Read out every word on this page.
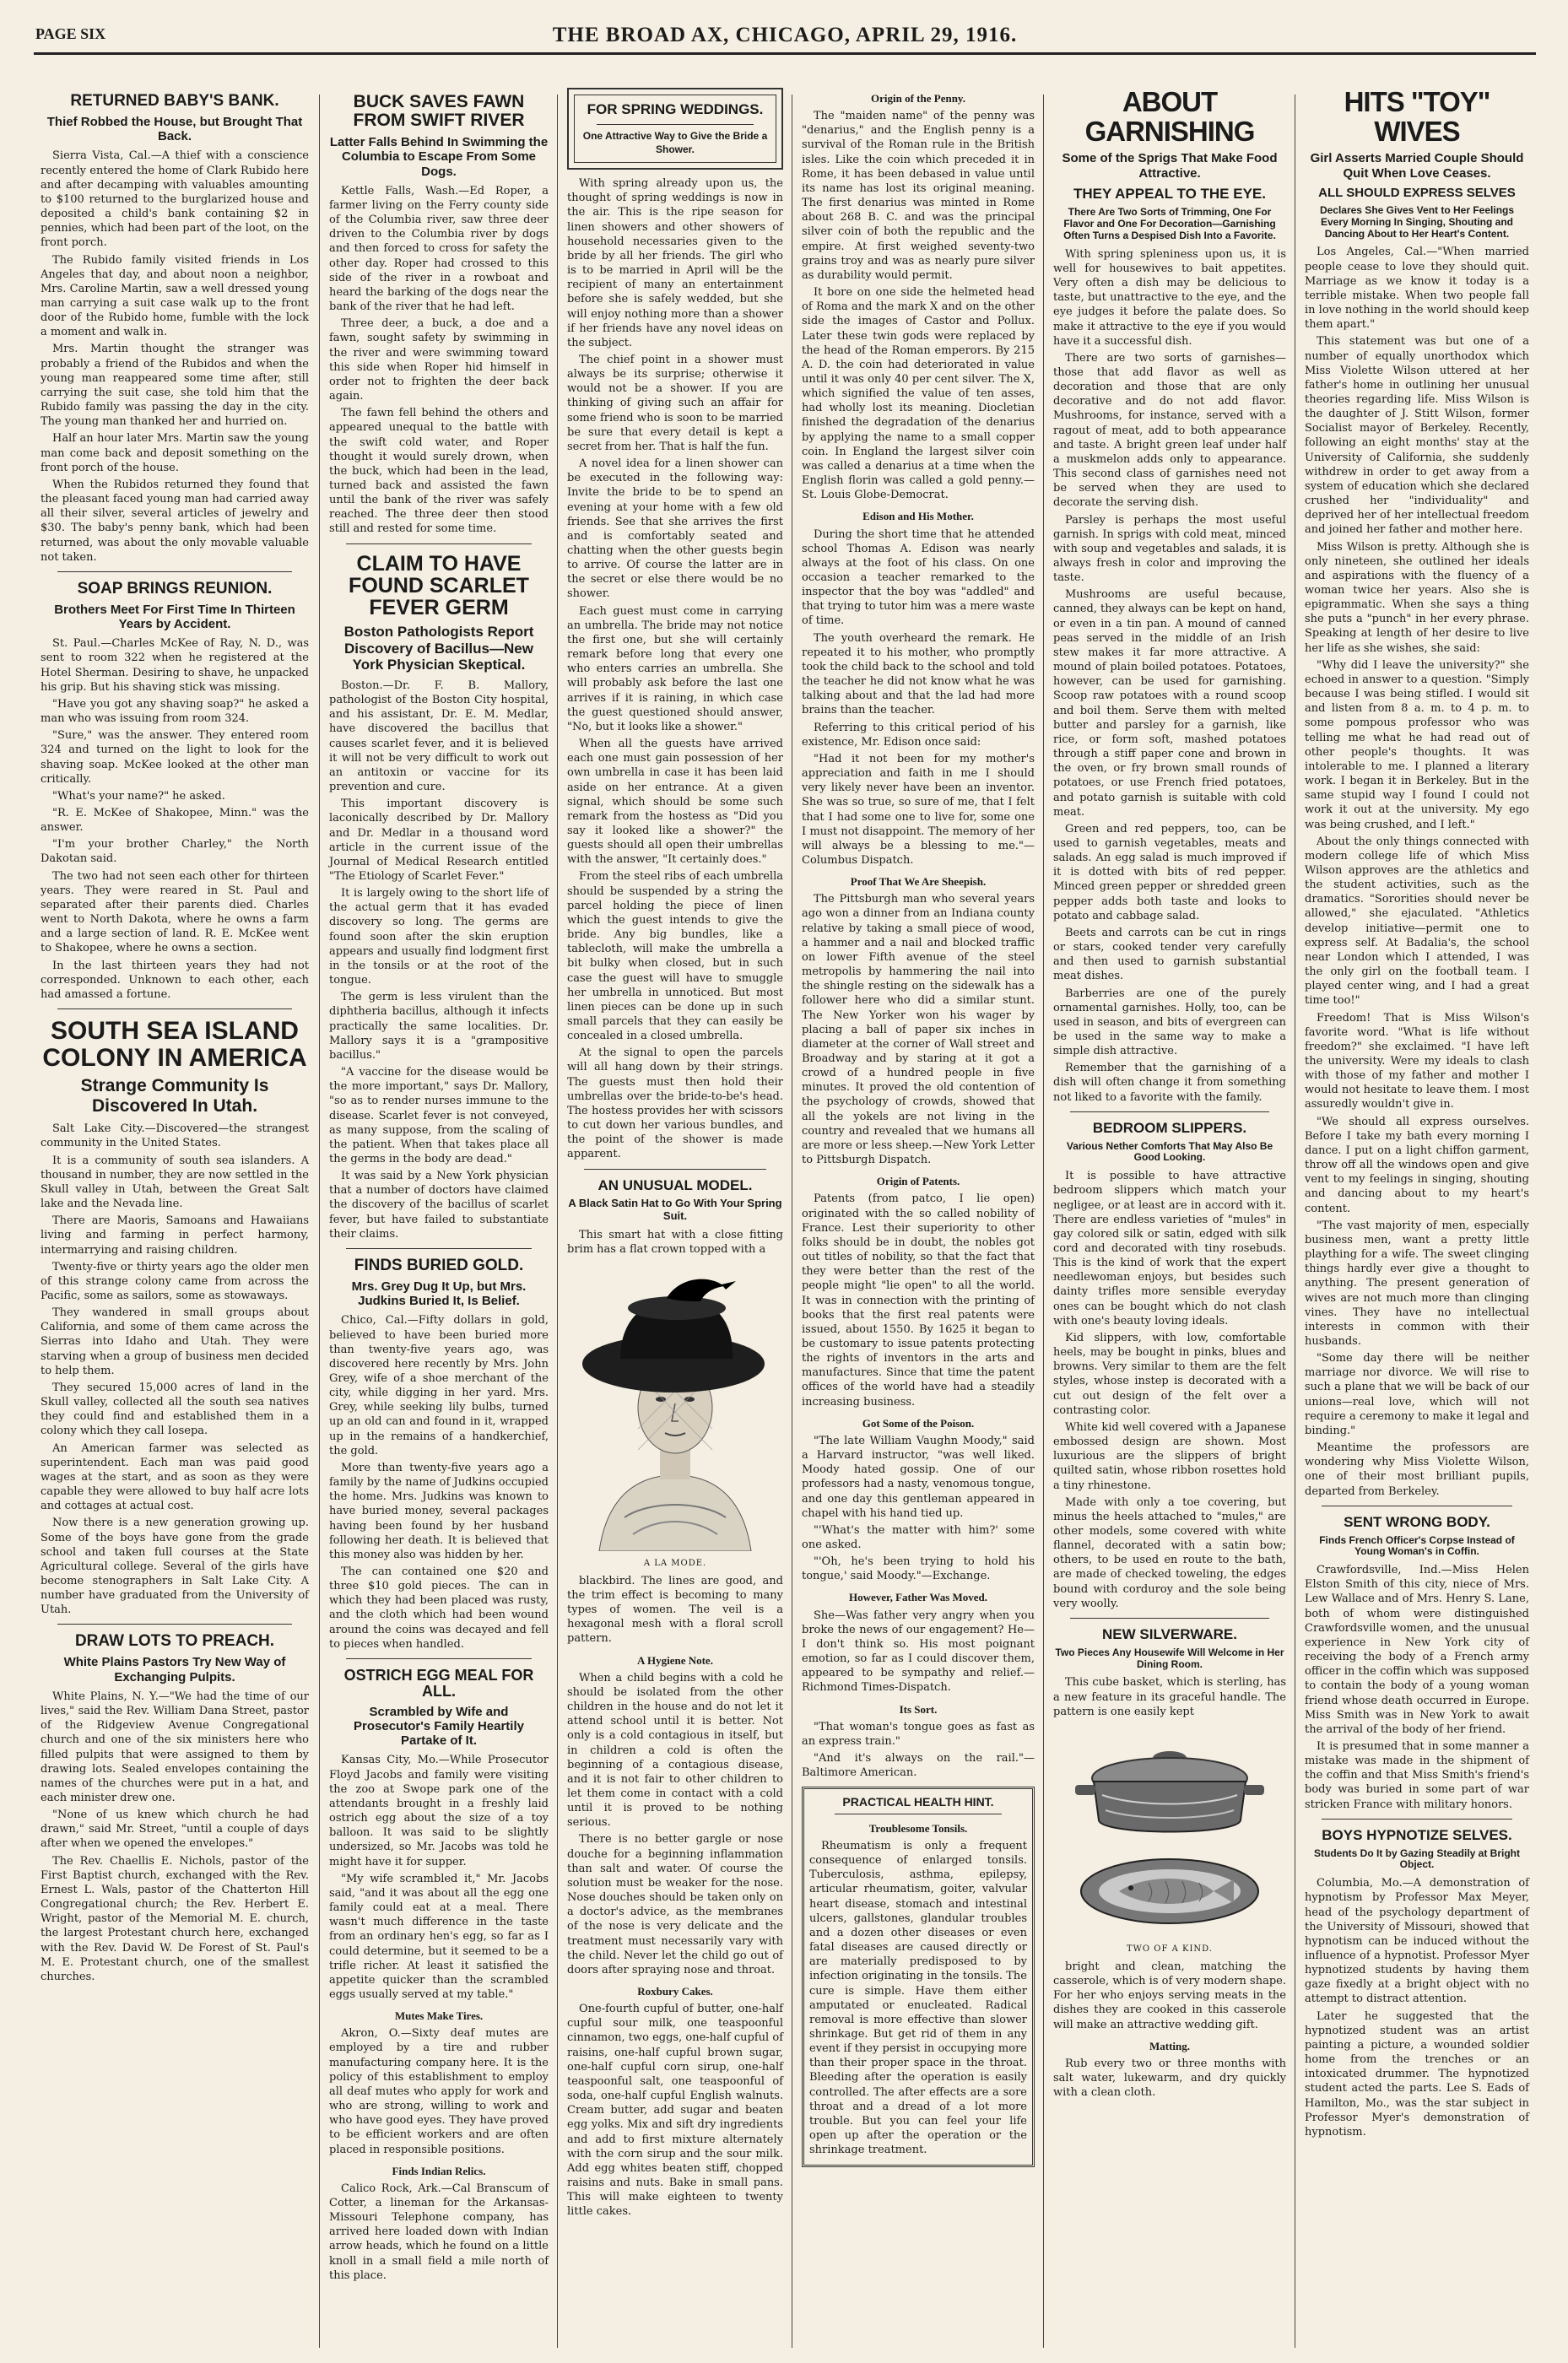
PAGE SIX	THE BROAD AX, CHICAGO, APRIL 29, 1916.
RETURNED BABY'S BANK.
Thief Robbed the House, but Brought That Back.

Sierra Vista, Cal.—A thief with a conscience recently entered the home of Clark Rubido here and after decamping with valuables amounting to $100 returned to the burglarized house and deposited a child's bank containing $2 in pennies, which had been part of the loot, on the front porch.

The Rubido family visited friends in Los Angeles that day, and about noon a neighbor, Mrs. Caroline Martin, saw a well dressed young man carrying a suit case walk up to the front door of the Rubido home, fumble with the lock a moment and walk in.

Mrs. Martin thought the stranger was probably a friend of the Rubidos and when the young man reappeared some time after, still carrying the suit case, she told him that the Rubido family was passing the day in the city. The young man thanked her and hurried on.

Half an hour later Mrs. Martin saw the young man come back and deposit something on the front porch of the house.

When the Rubidos returned they found that the pleasant faced young man had carried away all their silver, several articles of jewelry and $30. The baby's penny bank, which had been returned, was about the only movable valuable not taken.

SOAP BRINGS REUNION.
Brothers Meet For First Time In Thirteen Years by Accident.

St. Paul.—Charles McKee of Ray, N. D., was sent to room 322 when he registered at the Hotel Sherman. Desiring to shave, he unpacked his grip. But his shaving stick was missing.

"Have you got any shaving soap?" he asked a man who was issuing from room 324.

"Sure," was the answer. They entered room 324 and turned on the light to look for the shaving soap. McKee looked at the other man critically.

"What's your name?" he asked.

"R. E. McKee of Shakopee, Minn." was the answer.

"I'm your brother Charley," the North Dakotan said.

The two had not seen each other for thirteen years. They were reared in St. Paul and separated after their parents died. Charles went to North Dakota, where he owns a farm and a large section of land. R. E. McKee went to Shakopee, where he owns a section.

In the last thirteen years they had not corresponded. Unknown to each other, each had amassed a fortune.

SOUTH SEA ISLAND COLONY IN AMERICA
Strange Community Is Discovered In Utah.

Salt Lake City.—Discovered—the strangest community in the United States.

It is a community of south sea islanders. A thousand in number, they are now settled in the Skull valley in Utah, between the Great Salt lake and the Nevada line.

There are Maoris, Samoans and Hawaiians living and farming in perfect harmony, intermarrying and raising children.

Twenty-five or thirty years ago the older men of this strange colony came from across the Pacific, some as sailors, some as stowaways.

They wandered in small groups about California, and some of them came across the Sierras into Idaho and Utah. They were starving when a group of business men decided to help them.

They secured 15,000 acres of land in the Skull valley, collected all the south sea natives they could find and established them in a colony which they call Iosepa.

An American farmer was selected as superintendent. Each man was paid good wages at the start, and as soon as they were capable they were allowed to buy half acre lots and cottages at actual cost.

Now there is a new generation growing up. Some of the boys have gone from the grade school and taken full courses at the State Agricultural college. Several of the girls have become stenographers in Salt Lake City. A number have graduated from the University of Utah.

DRAW LOTS TO PREACH.
White Plains Pastors Try New Way of Exchanging Pulpits.

White Plains, N. Y.—"We had the time of our lives," said the Rev. William Dana Street, pastor of the Ridgeview Avenue Congregational church and one of the six ministers here who filled pulpits that were assigned to them by drawing lots. Sealed envelopes containing the names of the churches were put in a hat, and each minister drew one.

"None of us knew which church he had drawn," said Mr. Street, "until a couple of days after when we opened the envelopes."

The Rev. Chaellis E. Nichols, pastor of the First Baptist church, exchanged with the Rev. Ernest L. Wals, pastor of the Chatterton Hill Congregational church; the Rev. Herbert E. Wright, pastor of the Memorial M. E. church, the largest Protestant church here, exchanged with the Rev. David W. De Forest of St. Paul's M. E. Protestant church, one of the smallest churches.

BUCK SAVES FAWN FROM SWIFT RIVER
Latter Falls Behind In Swimming the Columbia to Escape From Some Dogs.

Kettle Falls, Wash.—Ed Roper, a farmer living on the Ferry county side of the Columbia river, saw three deer driven to the Columbia river by dogs and then forced to cross for safety the other day. Roper had crossed to this side of the river in a rowboat and heard the barking of the dogs near the bank of the river that he had left.

Three deer, a buck, a doe and a fawn, sought safety by swimming in the river and were swimming toward this side when Roper hid himself in order not to frighten the deer back again.

The fawn fell behind the others and appeared unequal to the battle with the swift cold water, and Roper thought it would surely drown, when the buck, which had been in the lead, turned back and assisted the fawn until the bank of the river was safely reached. The three deer then stood still and rested for some time.

CLAIM TO HAVE FOUND SCARLET FEVER GERM
Boston Pathologists Report Discovery of Bacillus—New York Physician Skeptical.

Boston.—Dr. F. B. Mallory, pathologist of the Boston City hospital, and his assistant, Dr. E. M. Medlar, have discovered the bacillus that causes scarlet fever, and it is believed it will not be very difficult to work out an antitoxin or vaccine for its prevention and cure.

This important discovery is laconically described by Dr. Mallory and Dr. Medlar in a thousand word article in the current issue of the Journal of Medical Research entitled "The Etiology of Scarlet Fever."

It is largely owing to the short life of the actual germ that it has evaded discovery so long. The germs are found soon after the skin eruption appears and usually find lodgment first in the tonsils or at the root of the tongue.

The germ is less virulent than the diphtheria bacillus, although it infects practically the same localities. Dr. Mallory says it is a "grampositive bacillus."

"A vaccine for the disease would be the more important," says Dr. Mallory, "so as to render nurses immune to the disease. Scarlet fever is not conveyed, as many suppose, from the scaling of the patient. When that takes place all the germs in the body are dead."

It was said by a New York physician that a number of doctors have claimed the discovery of the bacillus of scarlet fever, but have failed to substantiate their claims.

FINDS BURIED GOLD.
Mrs. Grey Dug It Up, but Mrs. Judkins Buried It, Is Belief.

Chico, Cal.—Fifty dollars in gold, believed to have been buried more than twenty-five years ago, was discovered here recently by Mrs. John Grey, wife of a shoe merchant of the city, while digging in her yard. Mrs. Grey, while seeking lily bulbs, turned up an old can and found in it, wrapped up in the remains of a handkerchief, the gold.

More than twenty-five years ago a family by the name of Judkins occupied the home. Mrs. Judkins was known to have buried money, several packages having been found by her husband following her death. It is believed that this money also was hidden by her.

The can contained one $20 and three $10 gold pieces. The can in which they had been placed was rusty, and the cloth which had been wound around the coins was decayed and fell to pieces when handled.

OSTRICH EGG MEAL FOR ALL.
Scrambled by Wife and Prosecutor's Family Heartily Partake of It.

Kansas City, Mo.—While Prosecutor Floyd Jacobs and family were visiting the zoo at Swope park one of the attendants brought in a freshly laid ostrich egg about the size of a toy balloon. It was said to be slightly undersized, so Mr. Jacobs was told he might have it for supper.

"My wife scrambled it," Mr. Jacobs said, "and it was about all the egg one family could eat at a meal. There wasn't much difference in the taste from an ordinary hen's egg, so far as I could determine, but it seemed to be a trifle richer. At least it satisfied the appetite quicker than the scrambled eggs usually served at my table."

Mutes Make Tires.

Akron, O.—Sixty deaf mutes are employed by a tire and rubber manufacturing company here. It is the policy of this establishment to employ all deaf mutes who apply for work and who are strong, willing to work and who have good eyes. They have proved to be efficient workers and are often placed in responsible positions.

Finds Indian Relics.

Calico Rock, Ark.—Cal Branscum of Cotter, a lineman for the Arkansas-Missouri Telephone company, has arrived here loaded down with Indian arrow heads, which he found on a little knoll in a small field a mile north of this place.

FOR SPRING WEDDINGS.
One Attractive Way to Give the Bride a Shower.

With spring already upon us, the thought of spring weddings is now in the air. This is the ripe season for linen showers and other showers of household necessaries given to the bride by all her friends. The girl who is to be married in April will be the recipient of many an entertainment before she is safely wedded, but she will enjoy nothing more than a shower if her friends have any novel ideas on the subject.

The chief point in a shower must always be its surprise; otherwise it would not be a shower. If you are thinking of giving such an affair for some friend who is soon to be married be sure that every detail is kept a secret from her. That is half the fun.

A novel idea for a linen shower can be executed in the following way: Invite the bride to be to spend an evening at your home with a few old friends. See that she arrives the first and is comfortably seated and chatting when the other guests begin to arrive. Of course the latter are in the secret or else there would be no shower.

Each guest must come in carrying an umbrella. The bride may not notice the first one, but she will certainly remark before long that every one who enters carries an umbrella. She will probably ask before the last one arrives if it is raining, in which case the guest questioned should answer, "No, but it looks like a shower."

When all the guests have arrived each one must gain possession of her own umbrella in case it has been laid aside on her entrance. At a given signal, which should be some such remark from the hostess as "Did you say it looked like a shower?" the guests should all open their umbrellas with the answer, "It certainly does."

From the steel ribs of each umbrella should be suspended by a string the parcel holding the piece of linen which the guest intends to give the bride. Any big bundles, like a tablecloth, will make the umbrella a bit bulky when closed, but in such case the guest will have to smuggle her umbrella in unnoticed. But most linen pieces can be done up in such small parcels that they can easily be concealed in a closed umbrella.

At the signal to open the parcels will all hang down by their strings. The guests must then hold their umbrellas over the bride-to-be's head. The hostess provides her with scissors to cut down her various bundles, and the point of the shower is made apparent.

AN UNUSUAL MODEL.
A Black Satin Hat to Go With Your Spring Suit.

This smart hat with a close fitting brim has a flat crown topped with a

A LA MODE.

blackbird. The lines are good, and the trim effect is becoming to many types of women. The veil is a hexagonal mesh with a floral scroll pattern.

A Hygiene Note.

When a child begins with a cold he should be isolated from the other children in the house and do not let it attend school until it is better. Not only is a cold contagious in itself, but in children a cold is often the beginning of a contagious disease, and it is not fair to other children to let them come in contact with a cold until it is proved to be nothing serious.

There is no better gargle or nose douche for a beginning inflammation than salt and water. Of course the solution must be weaker for the nose. Nose douches should be taken only on a doctor's advice, as the membranes of the nose is very delicate and the treatment must necessarily vary with the child. Never let the child go out of doors after spraying nose and throat.

Roxbury Cakes.

One-fourth cupful of butter, one-half cupful sour milk, one teaspoonful cinnamon, two eggs, one-half cupful of raisins, one-half cupful brown sugar, one-half cupful corn sirup, one-half teaspoonful salt, one teaspoonful of soda, one-half cupful English walnuts. Cream butter, add sugar and beaten egg yolks. Mix and sift dry ingredients and add to first mixture alternately with the corn sirup and the sour milk. Add egg whites beaten stiff, chopped raisins and nuts. Bake in small pans. This will make eighteen to twenty little cakes.

Origin of the Penny.

The "maiden name" of the penny was "denarius," and the English penny is a survival of the Roman rule in the British isles. Like the coin which preceded it in Rome, it has been debased in value until its name has lost its original meaning. The first denarius was minted in Rome about 268 B. C. and was the principal silver coin of both the republic and the empire. At first weighed seventy-two grains troy and was as nearly pure silver as durability would permit.

It bore on one side the helmeted head of Roma and the mark X and on the other side the images of Castor and Pollux. Later these twin gods were replaced by the head of the Roman emperors. By 215 A. D. the coin had deteriorated in value until it was only 40 per cent silver. The X, which signified the value of ten asses, had wholly lost its meaning. Diocletian finished the degradation of the denarius by applying the name to a small copper coin. In England the largest silver coin was called a denarius at a time when the English florin was called a gold penny.—St. Louis Globe-Democrat.

Edison and His Mother.

During the short time that he attended school Thomas A. Edison was nearly always at the foot of his class. On one occasion a teacher remarked to the inspector that the boy was "addled" and that trying to tutor him was a mere waste of time.

The youth overheard the remark. He repeated it to his mother, who promptly took the child back to the school and told the teacher he did not know what he was talking about and that the lad had more brains than the teacher.

Referring to this critical period of his existence, Mr. Edison once said:

"Had it not been for my mother's appreciation and faith in me I should very likely never have been an inventor. She was so true, so sure of me, that I felt that I had some one to live for, some one I must not disappoint. The memory of her will always be a blessing to me."—Columbus Dispatch.

Proof That We Are Sheepish.

The Pittsburgh man who several years ago won a dinner from an Indiana county relative by taking a small piece of wood, a hammer and a nail and blocked traffic on lower Fifth avenue of the steel metropolis by hammering the nail into the shingle resting on the sidewalk has a follower here who did a similar stunt. The New Yorker won his wager by placing a ball of paper six inches in diameter at the corner of Wall street and Broadway and by staring at it got a crowd of a hundred people in five minutes. It proved the old contention of the psychology of crowds, showed that all the yokels are not living in the country and revealed that we humans all are more or less sheep.—New York Letter to Pittsburgh Dispatch.

Origin of Patents.

Patents (from patco, I lie open) originated with the so called nobility of France. Lest their superiority to other folks should be in doubt, the nobles got out titles of nobility, so that the fact that they were better than the rest of the people might "lie open" to all the world. It was in connection with the printing of books that the first real patents were issued, about 1550. By 1625 it began to be customary to issue patents protecting the rights of inventors in the arts and manufactures. Since that time the patent offices of the world have had a steadily increasing business.

Got Some of the Poison.

"The late William Vaughn Moody," said a Harvard instructor, "was well liked. Moody hated gossip. One of our professors had a nasty, venomous tongue, and one day this gentleman appeared in chapel with his hand tied up.

"'What's the matter with him?' some one asked.

"'Oh, he's been trying to hold his tongue,' said Moody."—Exchange.

However, Father Was Moved.

She—Was father very angry when you broke the news of our engagement? He—I don't think so. His most poignant emotion, so far as I could discover them, appeared to be sympathy and relief.—Richmond Times-Dispatch.

Its Sort.

"That woman's tongue goes as fast as an express train."

"And it's always on the rail."—Baltimore American.

PRACTICAL HEALTH HINT.
Troublesome Tonsils.

Rheumatism is only a frequent consequence of enlarged tonsils. Tuberculosis, asthma, epilepsy, articular rheumatism, goiter, valvular heart disease, stomach and intestinal ulcers, gallstones, glandular troubles and a dozen other diseases or even fatal diseases are caused directly or are materially predisposed to by infection originating in the tonsils. The cure is simple. Have them either amputated or enucleated. Radical removal is more effective than slower shrinkage. But get rid of them in any event if they persist in occupying more than their proper space in the throat. Bleeding after the operation is easily controlled. The after effects are a sore throat and a dread of a lot more trouble. But you can feel your life open up after the operation or the shrinkage treatment.

ABOUT GARNISHING
Some of the Sprigs That Make Food Attractive.
THEY APPEAL TO THE EYE.
There Are Two Sorts of Trimming, One For Flavor and One For Decoration—Garnishing Often Turns a Despised Dish Into a Favorite.

With spring spleniness upon us, it is well for housewives to bait appetites. Very often a dish may be delicious to taste, but unattractive to the eye, and the eye judges it before the palate does. So make it attractive to the eye if you would have it a successful dish.

There are two sorts of garnishes—those that add flavor as well as decoration and those that are only decorative and do not add flavor. Mushrooms, for instance, served with a ragout of meat, add to both appearance and taste. A bright green leaf under half a muskmelon adds only to appearance. This second class of garnishes need not be served when they are used to decorate the serving dish.

Parsley is perhaps the most useful garnish. In sprigs with cold meat, minced with soup and vegetables and salads, it is always fresh in color and improving the taste.

Mushrooms are useful because, canned, they always can be kept on hand, or even in a tin pan. A mound of canned peas served in the middle of an Irish stew makes it far more attractive. A mound of plain boiled potatoes. Potatoes, however, can be used for garnishing. Scoop raw potatoes with a round scoop and boil them. Serve them with melted butter and parsley for a garnish, like rice, or form soft, mashed potatoes through a stiff paper cone and brown in the oven, or fry brown small rounds of potatoes, or use French fried potatoes, and potato garnish is suitable with cold meat.

Green and red peppers, too, can be used to garnish vegetables, meats and salads. An egg salad is much improved if it is dotted with bits of red pepper. Minced green pepper or shredded green pepper adds both taste and looks to potato and cabbage salad.

Beets and carrots can be cut in rings or stars, cooked tender very carefully and then used to garnish substantial meat dishes.

Barberries are one of the purely ornamental garnishes. Holly, too, can be used in season, and bits of evergreen can be used in the same way to make a simple dish attractive.

Remember that the garnishing of a dish will often change it from something not liked to a favorite with the family.

BEDROOM SLIPPERS.
Various Nether Comforts That May Also Be Good Looking.

It is possible to have attractive bedroom slippers which match your negligee, or at least are in accord with it. There are endless varieties of "mules" in gay colored silk or satin, edged with silk cord and decorated with tiny rosebuds. This is the kind of work that the expert needlewoman enjoys, but besides such dainty trifles more sensible everyday ones can be bought which do not clash with one's beauty loving ideals.

Kid slippers, with low, comfortable heels, may be bought in pinks, blues and browns. Very similar to them are the felt styles, whose instep is decorated with a cut out design of the felt over a contrasting color.

White kid well covered with a Japanese embossed design are shown. Most luxurious are the slippers of bright quilted satin, whose ribbon rosettes hold a tiny rhinestone.

Made with only a toe covering, but minus the heels attached to "mules," are other models, some covered with white flannel, decorated with a satin bow; others, to be used en route to the bath, are made of checked toweling, the edges bound with corduroy and the sole being very woolly.

NEW SILVERWARE.
Two Pieces Any Housewife Will Welcome in Her Dining Room.

This cube basket, which is sterling, has a new feature in its graceful handle. The pattern is one easily kept

TWO OF A KIND.

bright and clean, matching the casserole, which is of very modern shape. For her who enjoys serving meats in the dishes they are cooked in this casserole will make an attractive wedding gift.

Matting.

Rub every two or three months with salt water, lukewarm, and dry quickly with a clean cloth.

HITS "TOY" WIVES
Girl Asserts Married Couple Should Quit When Love Ceases.
ALL SHOULD EXPRESS SELVES
Declares She Gives Vent to Her Feelings Every Morning In Singing, Shouting and Dancing About to Her Heart's Content.

Los Angeles, Cal.—"When married people cease to love they should quit. Marriage as we know it today is a terrible mistake. When two people fall in love nothing in the world should keep them apart."

This statement was but one of a number of equally unorthodox which Miss Violette Wilson uttered at her father's home in outlining her unusual theories regarding life. Miss Wilson is the daughter of J. Stitt Wilson, former Socialist mayor of Berkeley. Recently, following an eight months' stay at the University of California, she suddenly withdrew in order to get away from a system of education which she declared crushed her "individuality" and deprived her of her intellectual freedom and joined her father and mother here.

Miss Wilson is pretty. Although she is only nineteen, she outlined her ideals and aspirations with the fluency of a woman twice her years. Also she is epigrammatic. When she says a thing she puts a "punch" in her every phrase. Speaking at length of her desire to live her life as she wishes, she said:

"Why did I leave the university?" she echoed in answer to a question. "Simply because I was being stifled. I would sit and listen from 8 a. m. to 4 p. m. to some pompous professor who was telling me what he had read out of other people's thoughts. It was intolerable to me. I planned a literary work. I began it in Berkeley. But in the same stupid way I found I could not work it out at the university. My ego was being crushed, and I left."

About the only things connected with modern college life of which Miss Wilson approves are the athletics and the student activities, such as the dramatics. "Sororities should never be allowed," she ejaculated. "Athletics develop initiative—permit one to express self. At Badalia's, the school near London which I attended, I was the only girl on the football team. I played center wing, and I had a great time too!"

Freedom! That is Miss Wilson's favorite word. "What is life without freedom?" she exclaimed. "I have left the university. Were my ideals to clash with those of my father and mother I would not hesitate to leave them. I most assuredly wouldn't give in.

"We should all express ourselves. Before I take my bath every morning I dance. I put on a light chiffon garment, throw off all the windows open and give vent to my feelings in singing, shouting and dancing about to my heart's content.

"The vast majority of men, especially business men, want a pretty little plaything for a wife. The sweet clinging things hardly ever give a thought to anything. The present generation of wives are not much more than clinging vines. They have no intellectual interests in common with their husbands.

"Some day there will be neither marriage nor divorce. We will rise to such a plane that we will be back of our unions—real love, which will not require a ceremony to make it legal and binding."

Meantime the professors are wondering why Miss Violette Wilson, one of their most brilliant pupils, departed from Berkeley.

SENT WRONG BODY.
Finds French Officer's Corpse Instead of Young Woman's in Coffin.

Crawfordsville, Ind.—Miss Helen Elston Smith of this city, niece of Mrs. Lew Wallace and of Mrs. Henry S. Lane, both of whom were distinguished Crawfordsville women, and the unusual experience in New York city of receiving the body of a French army officer in the coffin which was supposed to contain the body of a young woman friend whose death occurred in Europe. Miss Smith was in New York to await the arrival of the body of her friend.

It is presumed that in some manner a mistake was made in the shipment of the coffin and that Miss Smith's friend's body was buried in some part of war stricken France with military honors.

BOYS HYPNOTIZE SELVES.
Students Do It by Gazing Steadily at Bright Object.

Columbia, Mo.—A demonstration of hypnotism by Professor Max Meyer, head of the psychology department of the University of Missouri, showed that hypnotism can be induced without the influence of a hypnotist. Professor Myer hypnotized students by having them gaze fixedly at a bright object with no attempt to distract attention.

Later he suggested that the hypnotized student was an artist painting a picture, a wounded soldier home from the trenches or an intoxicated drummer. The hypnotized student acted the parts. Lee S. Eads of Hamilton, Mo., was the star subject in Professor Myer's demonstration of hypnotism.
